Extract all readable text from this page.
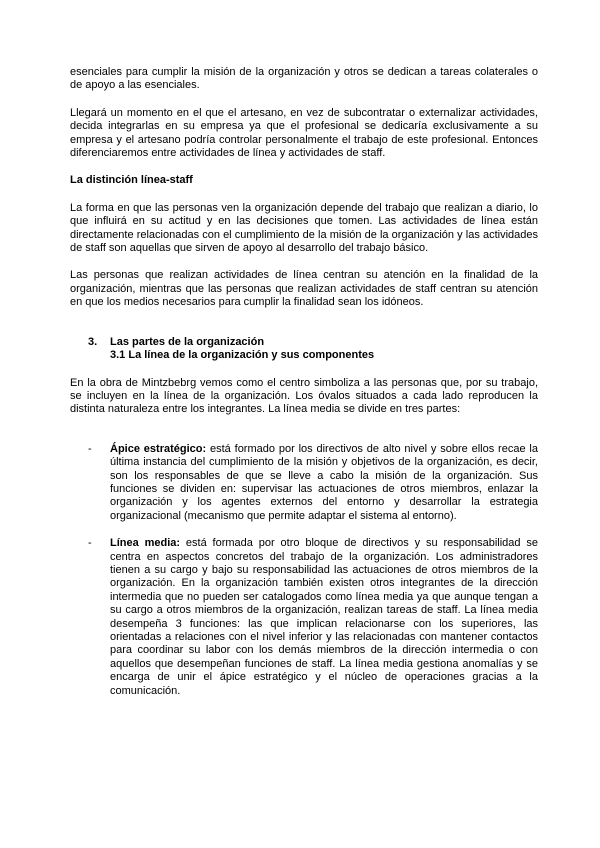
esenciales para cumplir la misión de la organización y otros se dedican a tareas colaterales o de apoyo a las esenciales.

Llegará un momento en el que el artesano, en vez de subcontratar o externalizar actividades, decida integrarlas en su empresa ya que el profesional se dedicaría exclusivamente a su empresa y el artesano podría controlar personalmente el trabajo de este profesional. Entonces diferenciaremos entre actividades de línea y actividades de staff.

La distinción línea-staff

La forma en que las personas ven la organización depende del trabajo que realizan a diario, lo que influirá en su actitud y en las decisiones que tomen. Las actividades de línea están directamente relacionadas con el cumplimiento de la misión de la organización y las actividades de staff son aquellas que sirven de apoyo al desarrollo del trabajo básico.

Las personas que realizan actividades de línea centran su atención en la finalidad de la organización, mientras que las personas que realizan actividades de staff centran su atención en que los medios necesarios para cumplir la finalidad sean los idóneos.

3.	Las partes de la organización
3.1 La línea de la organización y sus componentes

En la obra de Mintzbebrg vemos como el centro simboliza a las personas que, por su trabajo, se incluyen en la línea de la organización. Los óvalos situados a cada lado reproducen la distinta naturaleza entre los integrantes. La línea media se divide en tres partes:

- Ápice estratégico: está formado por los directivos de alto nivel y sobre ellos recae la última instancia del cumplimiento de la misión y objetivos de la organización, es decir, son los responsables de que se lleve a cabo la misión de la organización. Sus funciones se dividen en: supervisar las actuaciones de otros miembros, enlazar la organización y los agentes externos del entorno y desarrollar la estrategia organizacional (mecanismo que permite adaptar el sistema al entorno).
- Línea media: está formada por otro bloque de directivos y su responsabilidad se centra en aspectos concretos del trabajo de la organización. Los administradores tienen a su cargo y bajo su responsabilidad las actuaciones de otros miembros de la organización. En la organización también existen otros integrantes de la dirección intermedia que no pueden ser catalogados como línea media ya que aunque tengan a su cargo a otros miembros de la organización, realizan tareas de staff. La línea media desempeña 3 funciones: las que implican relacionarse con los superiores, las orientadas a relaciones con el nivel inferior y las relacionadas con mantener contactos para coordinar su labor con los demás miembros de la dirección intermedia o con aquellos que desempeñan funciones de staff. La línea media gestiona anomalías y se encarga de unir el ápice estratégico y el núcleo de operaciones gracias a la comunicación.
